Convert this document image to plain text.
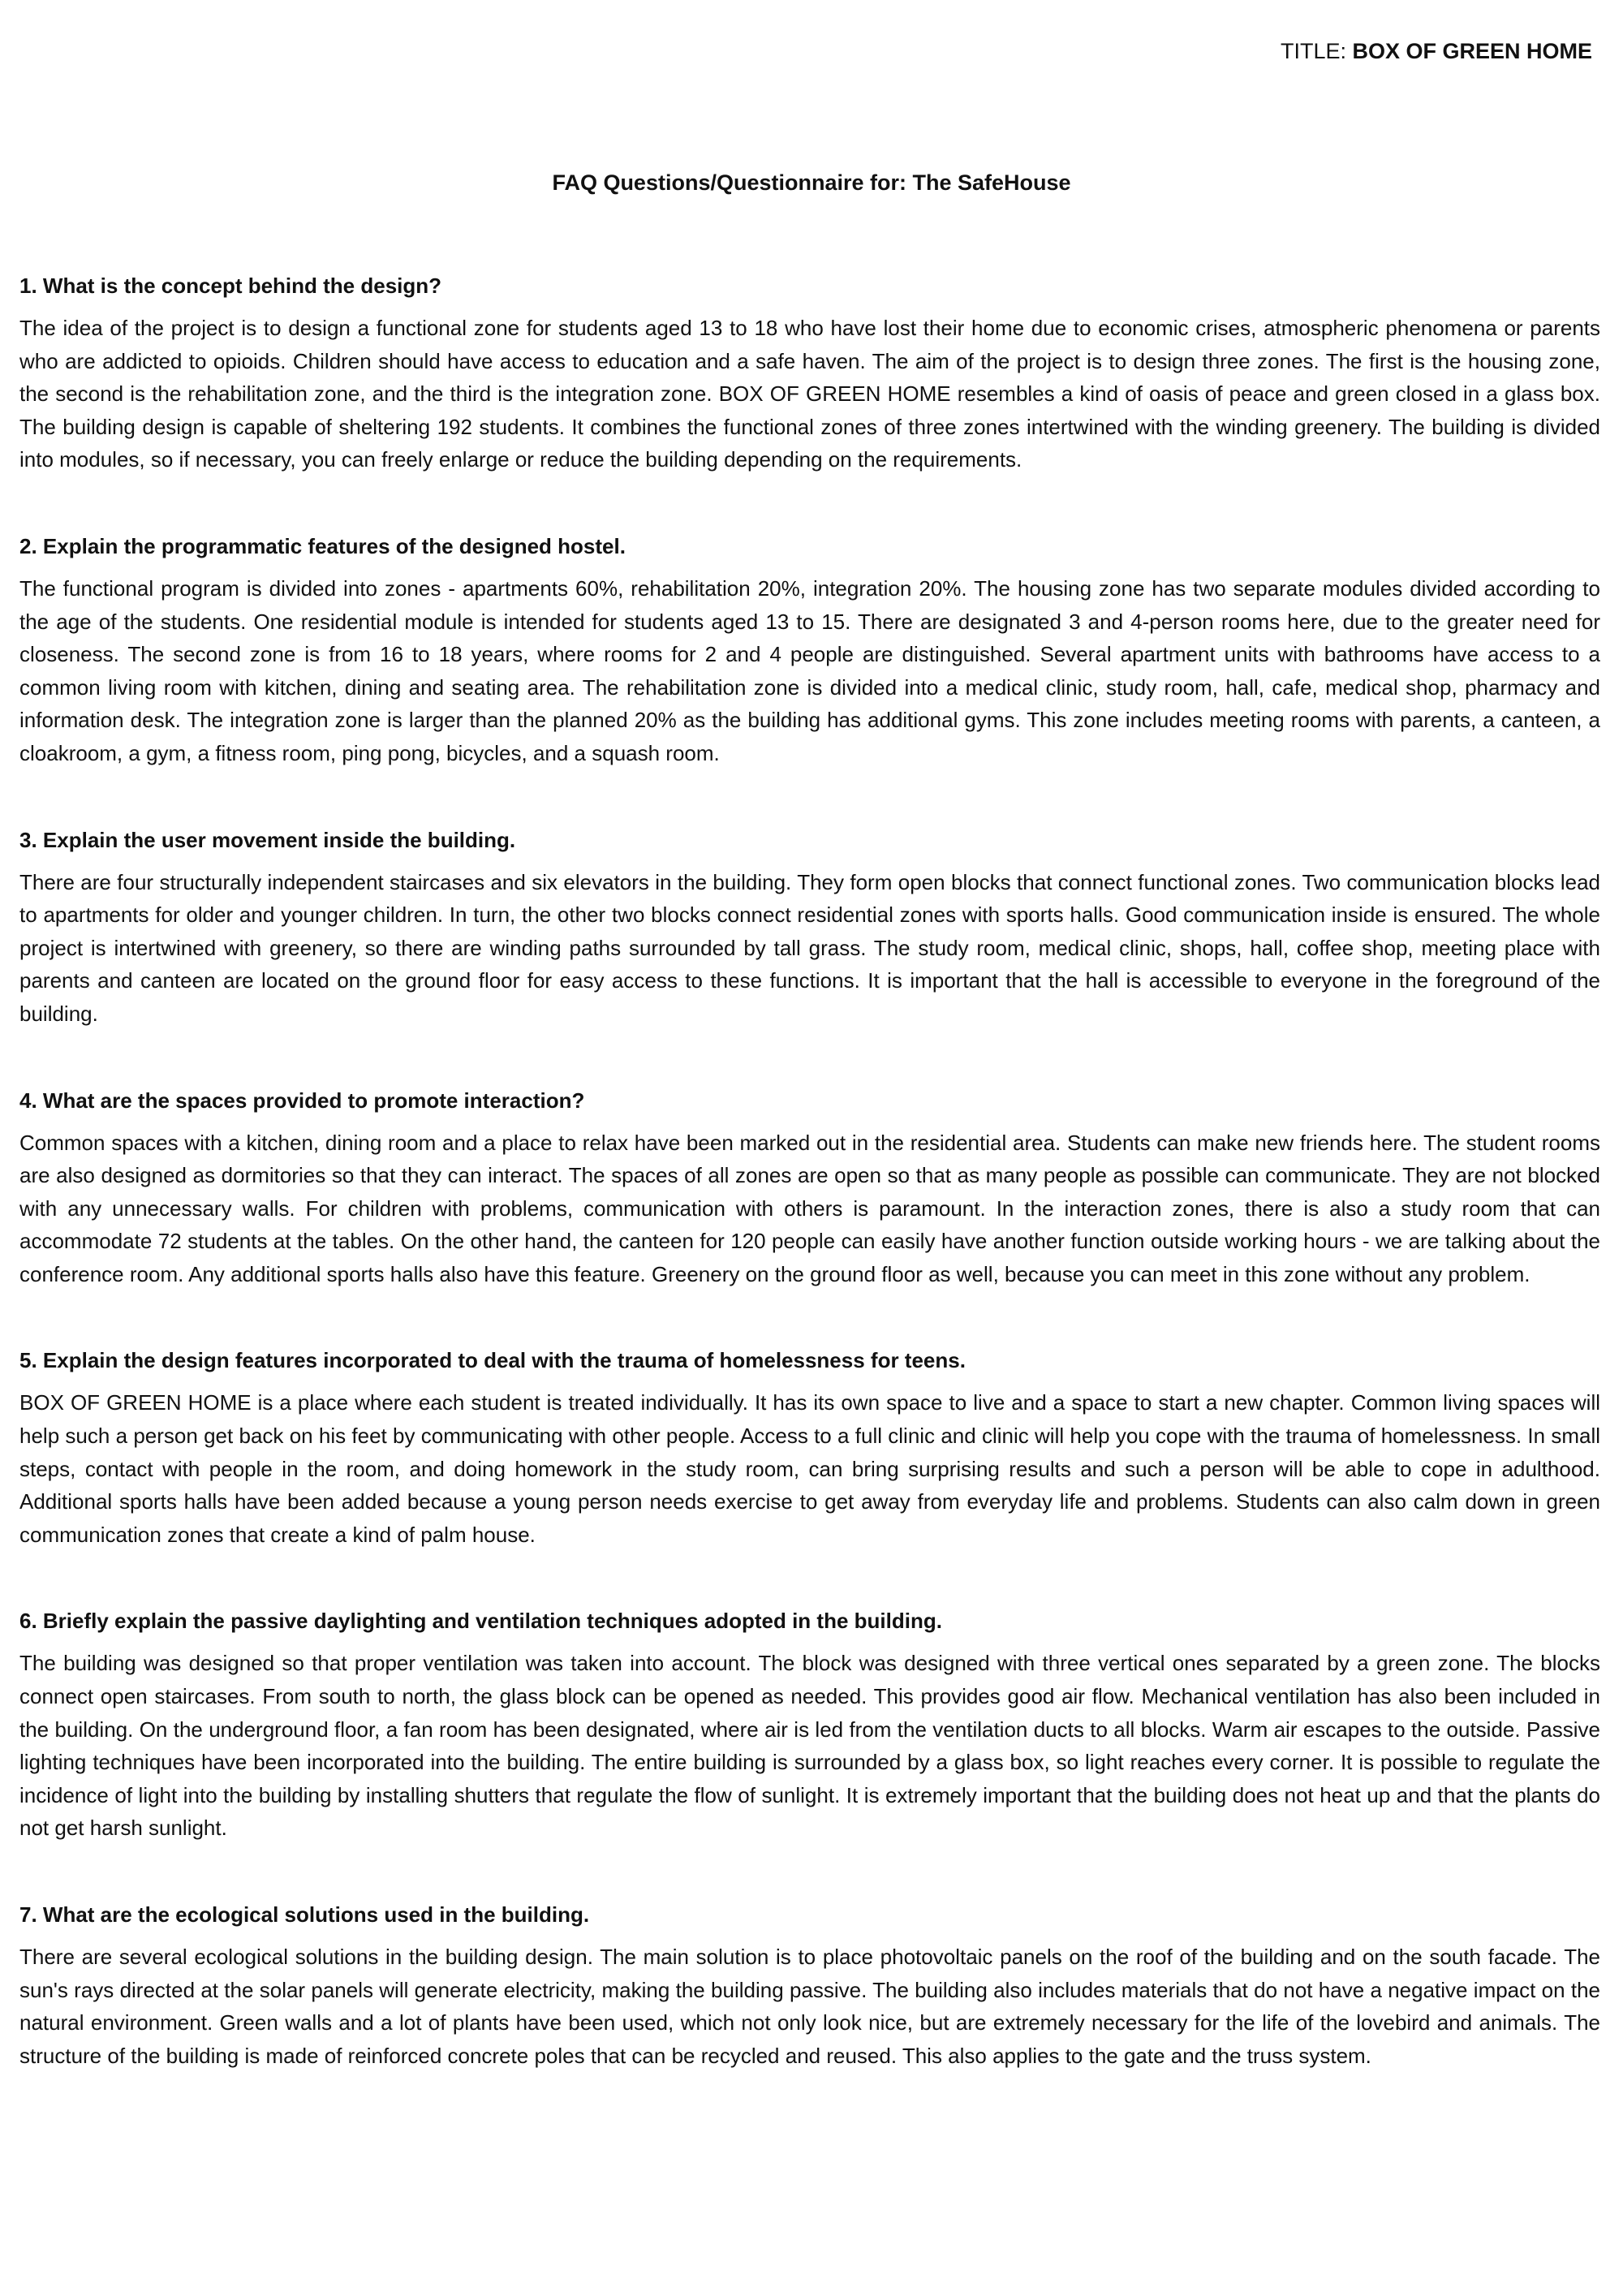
TITLE: BOX OF GREEN HOME
FAQ Questions/Questionnaire for: The SafeHouse

1. What is the concept behind the design?

The idea of the project is to design a functional zone for students aged 13 to 18 who have lost their home due to economic crises, atmospheric phenomena or parents who are addicted to opioids. Children should have access to education and a safe haven. The aim of the project is to design three zones. The first is the housing zone, the second is the rehabilitation zone, and the third is the integration zone. BOX OF GREEN HOME resembles a kind of oasis of peace and green closed in a glass box. The building design is capable of sheltering 192 students. It combines the functional zones of three zones intertwined with the winding greenery. The building is divided into modules, so if necessary, you can freely enlarge or reduce the building depending on the requirements.

2. Explain the programmatic features of the designed hostel.

The functional program is divided into zones - apartments 60%, rehabilitation 20%, integration 20%. The housing zone has two separate modules divided according to the age of the students. One residential module is intended for students aged 13 to 15. There are designated 3 and 4-person rooms here, due to the greater need for closeness. The second zone is from 16 to 18 years, where rooms for 2 and 4 people are distinguished. Several apartment units with bathrooms have access to a common living room with kitchen, dining and seating area. The rehabilitation zone is divided into a medical clinic, study room, hall, cafe, medical shop, pharmacy and information desk. The integration zone is larger than the planned 20% as the building has additional gyms. This zone includes meeting rooms with parents, a canteen, a cloakroom, a gym, a fitness room, ping pong, bicycles, and a squash room.

3. Explain the user movement inside the building.

There are four structurally independent staircases and six elevators in the building. They form open blocks that connect functional zones. Two communication blocks lead to apartments for older and younger children. In turn, the other two blocks connect residential zones with sports halls. Good communication inside is ensured. The whole project is intertwined with greenery, so there are winding paths surrounded by tall grass. The study room, medical clinic, shops, hall, coffee shop, meeting place with parents and canteen are located on the ground floor for easy access to these functions. It is important that the hall is accessible to everyone in the foreground of the building.

4. What are the spaces provided to promote interaction?

Common spaces with a kitchen, dining room and a place to relax have been marked out in the residential area. Students can make new friends here. The student rooms are also designed as dormitories so that they can interact. The spaces of all zones are open so that as many people as possible can communicate. They are not blocked with any unnecessary walls. For children with problems, communication with others is paramount. In the interaction zones, there is also a study room that can accommodate 72 students at the tables. On the other hand, the canteen for 120 people can easily have another function outside working hours - we are talking about the conference room. Any additional sports halls also have this feature. Greenery on the ground floor as well, because you can meet in this zone without any problem.

5. Explain the design features incorporated to deal with the trauma of homelessness for teens.

BOX OF GREEN HOME is a place where each student is treated individually. It has its own space to live and a space to start a new chapter. Common living spaces will help such a person get back on his feet by communicating with other people. Access to a full clinic and clinic will help you cope with the trauma of homelessness. In small steps, contact with people in the room, and doing homework in the study room, can bring surprising results and such a person will be able to cope in adulthood. Additional sports halls have been added because a young person needs exercise to get away from everyday life and problems. Students can also calm down in green communication zones that create a kind of palm house.

6. Briefly explain the passive daylighting and ventilation techniques adopted in the building.

The building was designed so that proper ventilation was taken into account. The block was designed with three vertical ones separated by a green zone. The blocks connect open staircases. From south to north, the glass block can be opened as needed. This provides good air flow. Mechanical ventilation has also been included in the building. On the underground floor, a fan room has been designated, where air is led from the ventilation ducts to all blocks. Warm air escapes to the outside. Passive lighting techniques have been incorporated into the building. The entire building is surrounded by a glass box, so light reaches every corner. It is possible to regulate the incidence of light into the building by installing shutters that regulate the flow of sunlight. It is extremely important that the building does not heat up and that the plants do not get harsh sunlight.

7. What are the ecological solutions used in the building.

There are several ecological solutions in the building design. The main solution is to place photovoltaic panels on the roof of the building and on the south facade. The sun's rays directed at the solar panels will generate electricity, making the building passive. The building also includes materials that do not have a negative impact on the natural environment. Green walls and a lot of plants have been used, which not only look nice, but are extremely necessary for the life of the lovebird and animals. The structure of the building is made of reinforced concrete poles that can be recycled and reused. This also applies to the gate and the truss system.
